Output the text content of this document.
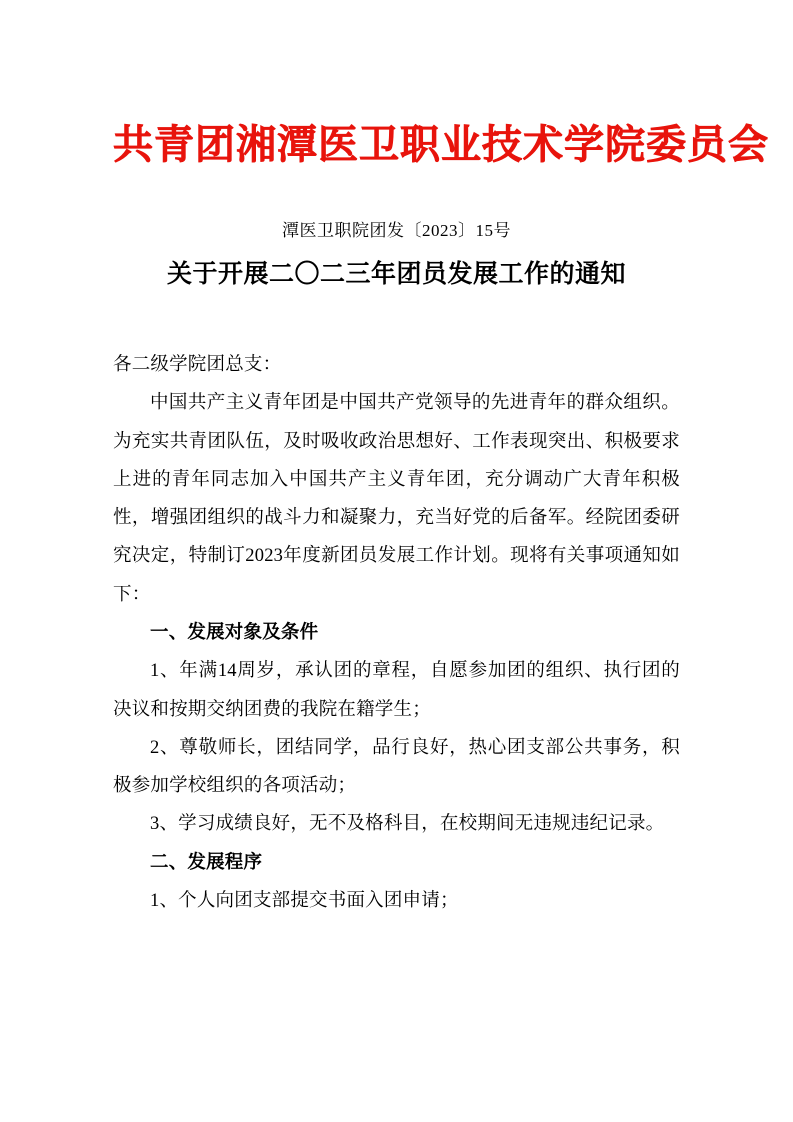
共青团湘潭医卫职业技术学院委员会
潭医卫职院团发〔2023〕15号
关于开展二〇二三年团员发展工作的通知

各二级学院团总支：

中国共产主义青年团是中国共产党领导的先进青年的群众组织。为充实共青团队伍，及时吸收政治思想好、工作表现突出、积极要求上进的青年同志加入中国共产主义青年团，充分调动广大青年积极性，增强团组织的战斗力和凝聚力，充当好党的后备军。经院团委研究决定，特制订2023年度新团员发展工作计划。现将有关事项通知如下：

一、发展对象及条件

1、年满14周岁，承认团的章程，自愿参加团的组织、执行团的决议和按期交纳团费的我院在籍学生；

2、尊敬师长，团结同学，品行良好，热心团支部公共事务，积极参加学校组织的各项活动；

3、学习成绩良好，无不及格科目，在校期间无违规违纪记录。

二、发展程序

1、个人向团支部提交书面入团申请；
